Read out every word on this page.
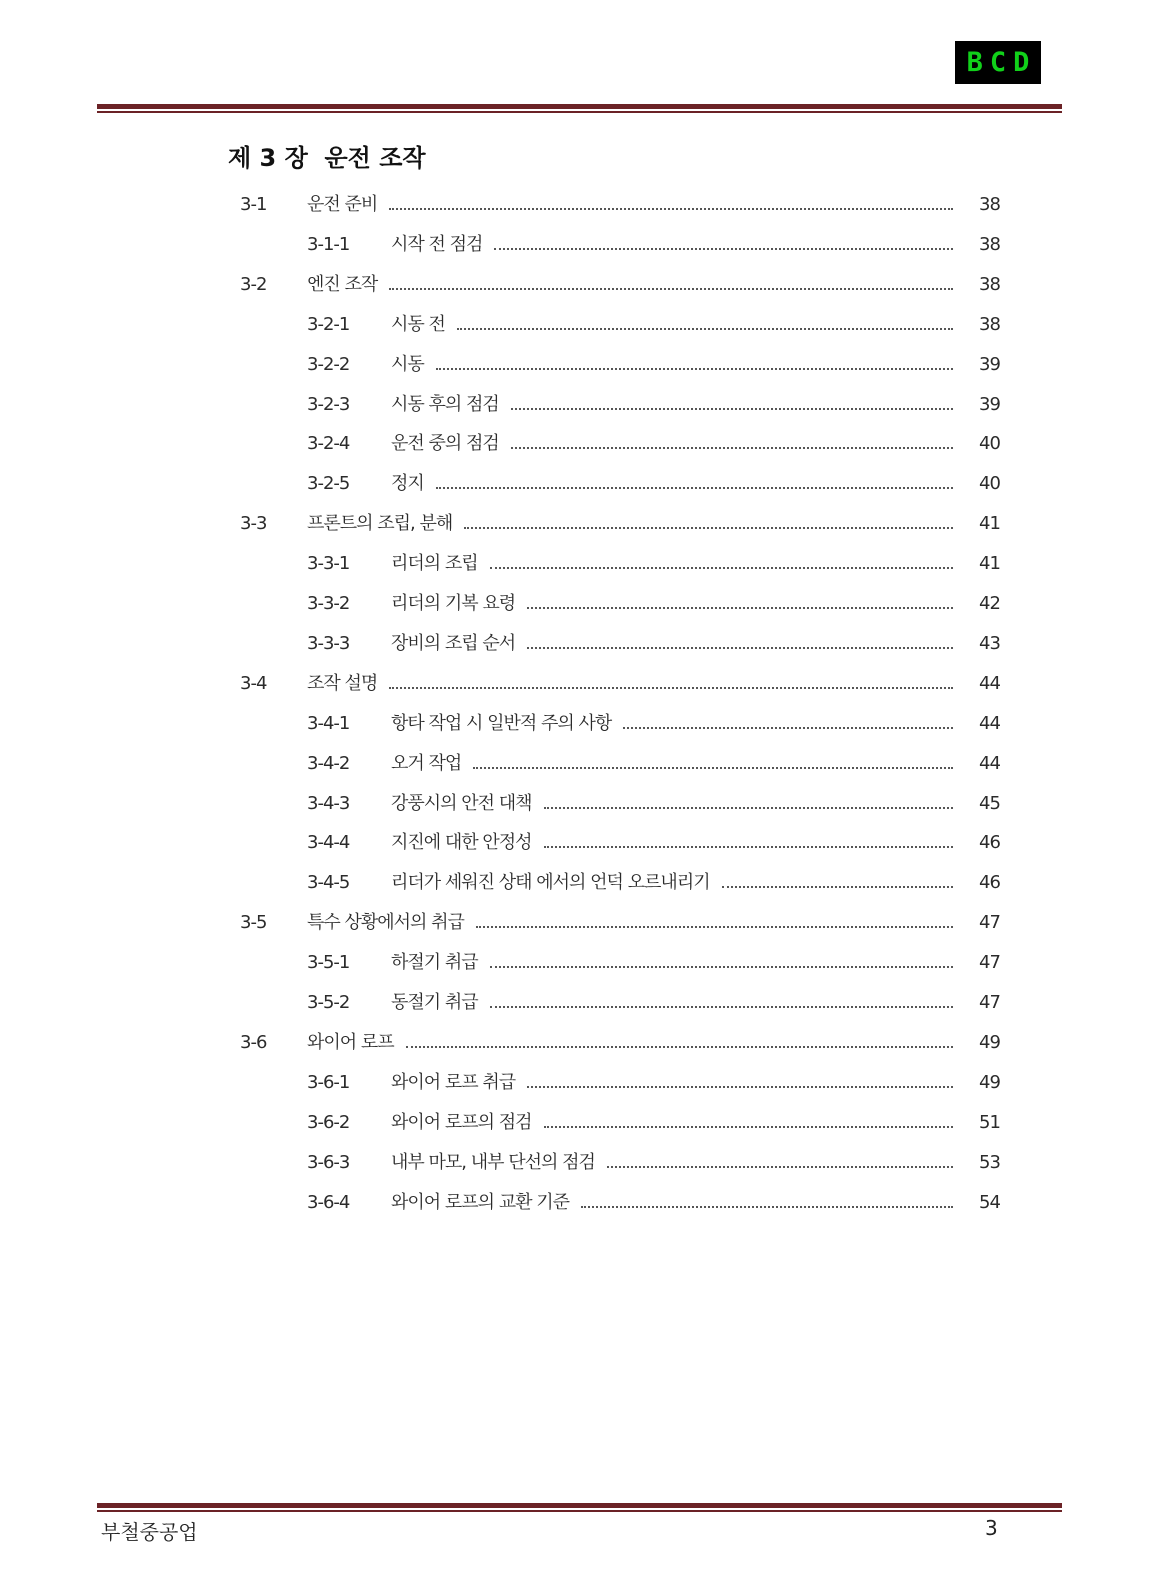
B C D
제 3 장  운전 조작
3-1 운전 준비	38
3-1-1 시작 전 점검	38
3-2 엔진 조작	38
3-2-1 시동 전	38
3-2-2 시동	39
3-2-3 시동 후의 점검	39
3-2-4 운전 중의 점검	40
3-2-5 정지	40
3-3 프론트의 조립, 분해	41
3-3-1 리더의 조립	41
3-3-2 리더의 기복 요령	42
3-3-3 장비의 조립 순서	43
3-4 조작 설명	44
3-4-1 항타 작업 시 일반적 주의 사항	44
3-4-2 오거 작업	44
3-4-3 강풍시의 안전 대책	45
3-4-4 지진에 대한 안정성	46
3-4-5 리더가 세워진 상태 에서의 언덕 오르내리기	46
3-5 특수 상황에서의 취급	47
3-5-1 하절기 취급	47
3-5-2 동절기 취급	47
3-6 와이어 로프	49
3-6-1 와이어 로프 취급	49
3-6-2 와이어 로프의 점검	51
3-6-3 내부 마모, 내부 단선의 점검	53
3-6-4 와이어 로프의 교환 기준	54
부철중공업	3
